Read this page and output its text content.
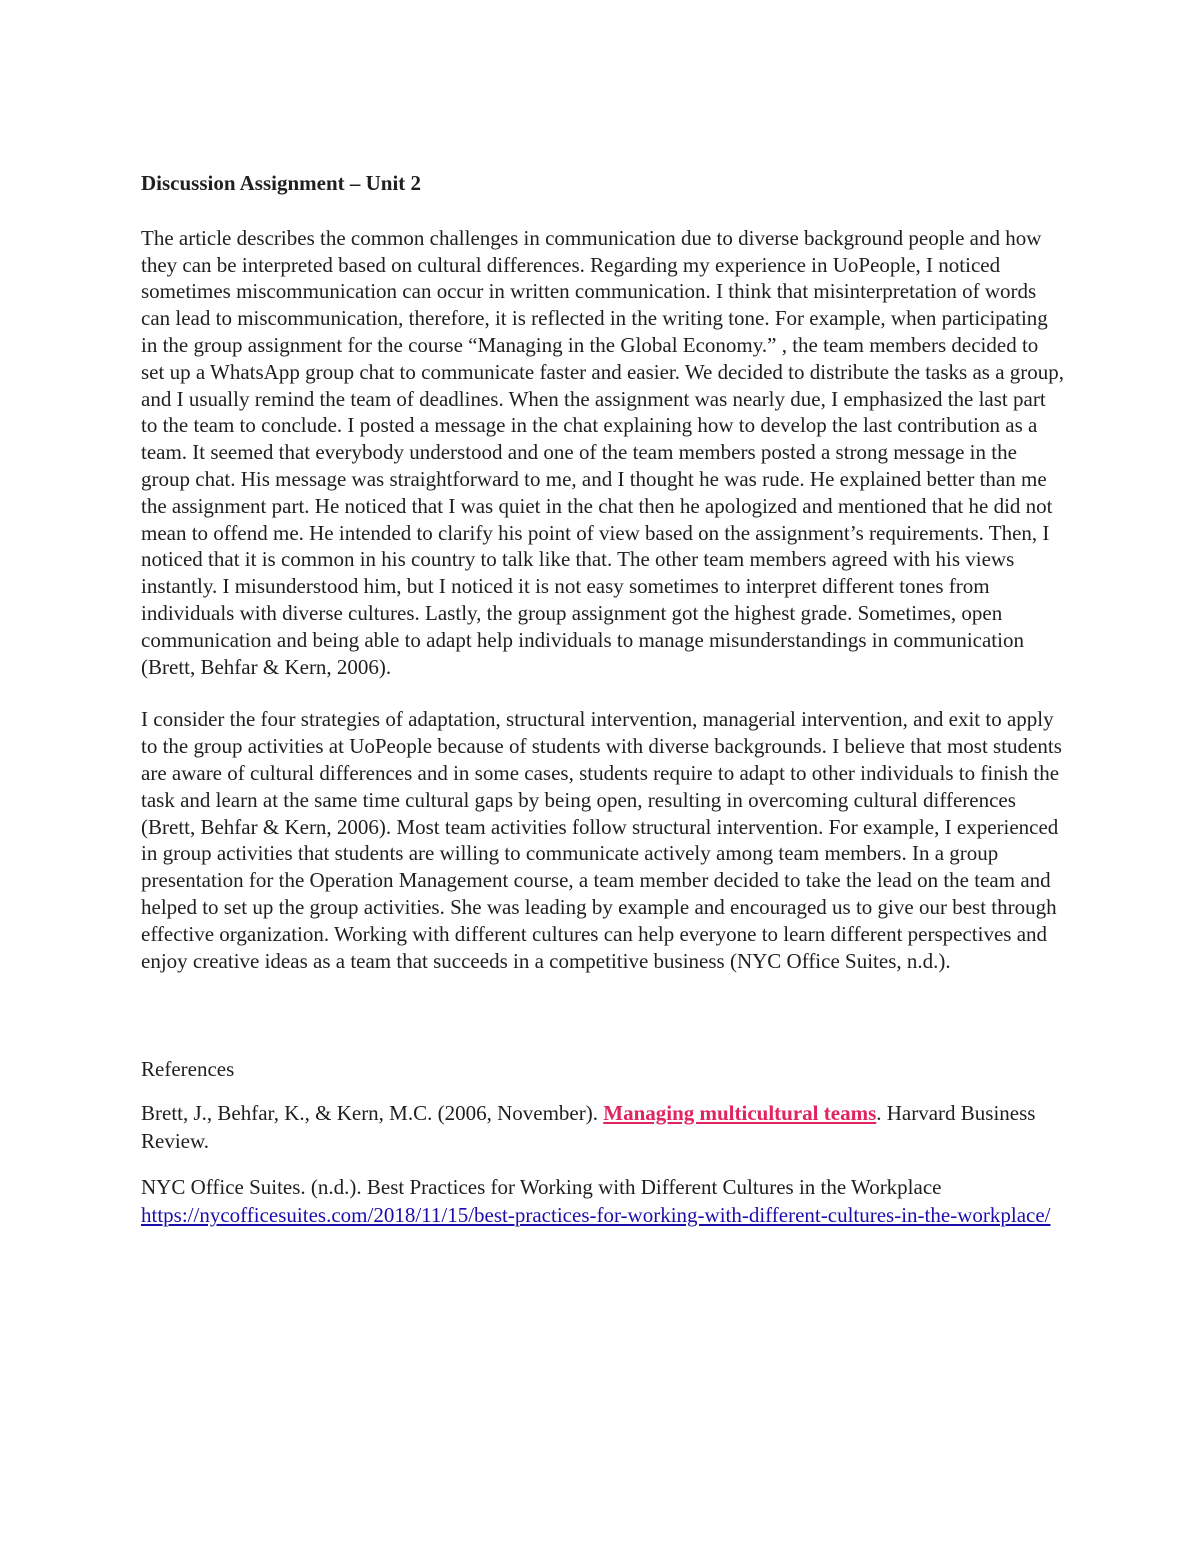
Discussion Assignment – Unit 2
The article describes the common challenges in communication due to diverse background people and how they can be interpreted based on cultural differences. Regarding my experience in UoPeople, I noticed sometimes miscommunication can occur in written communication. I think that misinterpretation of words can lead to miscommunication, therefore, it is reflected in the writing tone. For example, when participating in the group assignment for the course “Managing in the Global Economy.” , the team members decided to set up a WhatsApp group chat to communicate faster and easier. We decided to distribute the tasks as a group, and I usually remind the team of deadlines. When the assignment was nearly due, I emphasized the last part to the team to conclude. I posted a message in the chat explaining how to develop the last contribution as a team. It seemed that everybody understood and one of the team members posted a strong message in the group chat. His message was straightforward to me, and I thought he was rude. He explained better than me the assignment part. He noticed that I was quiet in the chat then he apologized and mentioned that he did not mean to offend me. He intended to clarify his point of view based on the assignment’s requirements. Then, I noticed that it is common in his country to talk like that. The other team members agreed with his views instantly. I misunderstood him, but I noticed it is not easy sometimes to interpret different tones from individuals with diverse cultures. Lastly, the group assignment got the highest grade. Sometimes, open communication and being able to adapt help individuals to manage misunderstandings in communication (Brett, Behfar & Kern, 2006).
I consider the four strategies of adaptation, structural intervention, managerial intervention, and exit to apply to the group activities at UoPeople because of students with diverse backgrounds. I believe that most students are aware of cultural differences and in some cases, students require to adapt to other individuals to finish the task and learn at the same time cultural gaps by being open, resulting in overcoming cultural differences (Brett, Behfar & Kern, 2006). Most team activities follow structural intervention. For example, I experienced in group activities that students are willing to communicate actively among team members. In a group presentation for the Operation Management course, a team member decided to take the lead on the team and helped to set up the group activities. She was leading by example and encouraged us to give our best through effective organization. Working with different cultures can help everyone to learn different perspectives and enjoy creative ideas as a team that succeeds in a competitive business (NYC Office Suites, n.d.).
References
Brett, J., Behfar, K., & Kern, M.C. (2006, November). Managing multicultural teams. Harvard Business Review.
NYC Office Suites. (n.d.). Best Practices for Working with Different Cultures in the Workplace
https://nycofficesuites.com/2018/11/15/best-practices-for-working-with-different-cultures-in-the-workplace/
